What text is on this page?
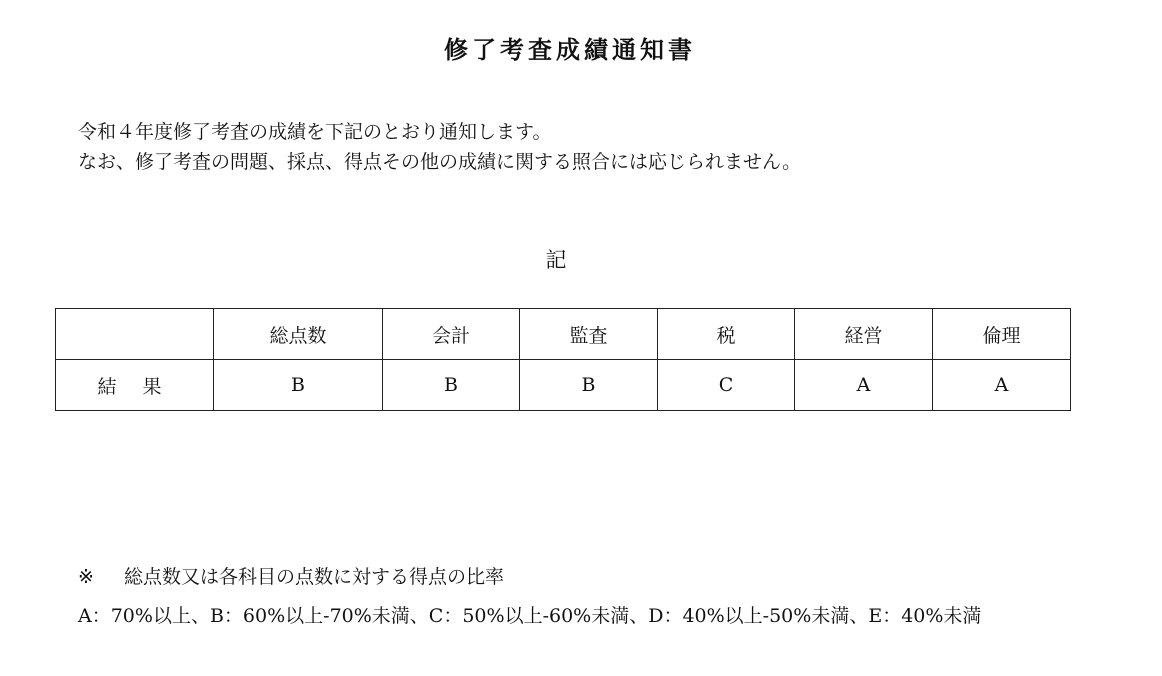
修了考査成績通知書
令和４年度修了考査の成績を下記のとおり通知します。
なお、修了考査の問題、採点、得点その他の成績に関する照合には応じられません。
記
	総点数	会計	監査	税	経営	倫理
結 果	B	B	B	C	A	A
※ 総点数又は各科目の点数に対する得点の比率
A：70%以上、B：60%以上-70%未満、C：50%以上-60%未満、D：40%以上-50%未満、E：40%未満
